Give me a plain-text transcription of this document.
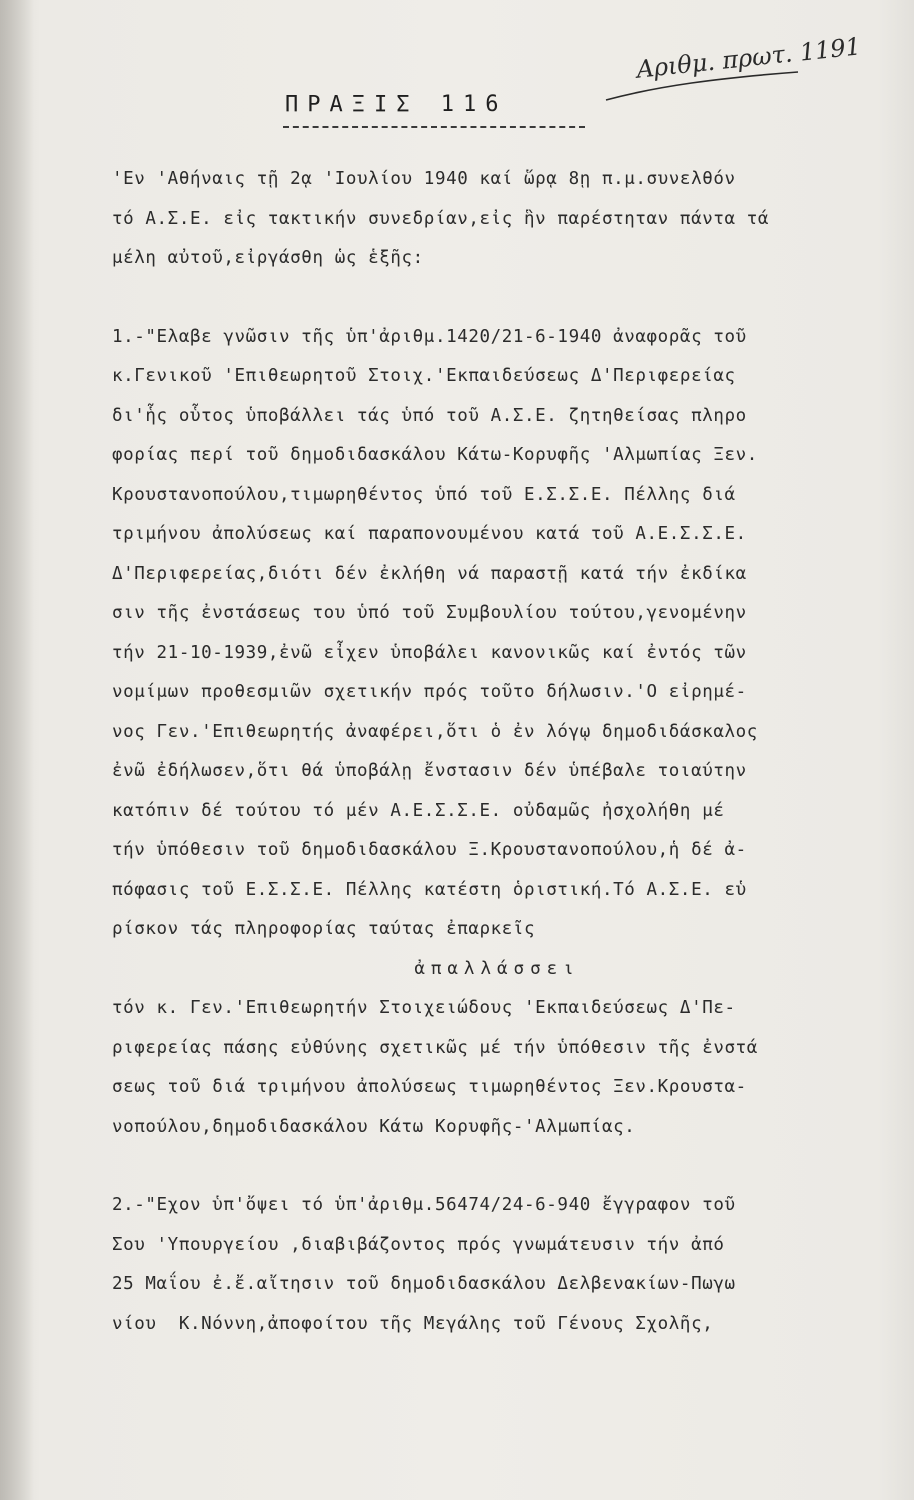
Αριθμ. πρωτ. 1191
ΠΡΑΞΙΣ 116
'Εν 'Αθήναις τῇ 2ᾳ 'Ιουλίου 1940 καί ὥρᾳ 8ῃ π.μ.συνελθόν
τό Α.Σ.Ε. εἰς τακτικήν συνεδρίαν,εἰς ἣν παρέστηταν πάντα τά
μέλη αὐτοῦ,εἰργάσθη ὡς ἑξῆς:
1.-"Ελαβε γνῶσιν τῆς ὑπ'ἀριθμ.1420/21-6-1940 ἀναφορᾶς τοῦ
κ.Γενικοῦ 'Επιθεωρητοῦ Στοιχ.'Εκπαιδεύσεως Δ'Περιφερείας
δι'ἧς οὗτος ὑποβάλλει τάς ὑπό τοῦ Α.Σ.Ε. ζητηθείσας πληρο
φορίας περί τοῦ δημοδιδασκάλου Κάτω-Κορυφῆς 'Αλμωπίας Ξεν.
Κρουστανοπούλου,τιμωρηθέντος ὑπό τοῦ Ε.Σ.Σ.Ε. Πέλλης διά
τριμήνου ἀπολύσεως καί παραπονουμένου κατά τοῦ Α.Ε.Σ.Σ.Ε.
Δ'Περιφερείας,διότι δέν ἐκλήθη νά παραστῇ κατά τήν ἐκδίκα
σιν τῆς ἐνστάσεως του ὑπό τοῦ Συμβουλίου τούτου,γενομένην
τήν 21-10-1939,ἐνῶ εἶχεν ὑποβάλει κανονικῶς καί ἐντός τῶν
νομίμων προθεσμιῶν σχετικήν πρός τοῦτο δήλωσιν.'Ο εἰρημέ-
νος Γεν.'Επιθεωρητής ἀναφέρει,ὅτι ὁ ἐν λόγῳ δημοδιδάσκαλος
ἐνῶ ἐδήλωσεν,ὅτι θά ὑποβάλῃ ἔνστασιν δέν ὑπέβαλε τοιαύτην
κατόπιν δέ τούτου τό μέν Α.Ε.Σ.Σ.Ε. οὐδαμῶς ἠσχολήθη μέ
τήν ὑπόθεσιν τοῦ δημοδιδασκάλου Ξ.Κρουστανοπούλου,ἡ δέ ἀ-
πόφασις τοῦ Ε.Σ.Σ.Ε. Πέλλης κατέστη ὁριστική.Τό Α.Σ.Ε. εὑ
ρίσκον τάς πληροφορίας ταύτας ἐπαρκεῖς
ἀπαλλάσσει
τόν κ. Γεν.'Επιθεωρητήν Στοιχειώδους 'Εκπαιδεύσεως Δ'Πε-
ριφερείας πάσης εὐθύνης σχετικῶς μέ τήν ὑπόθεσιν τῆς ἐνστά
σεως τοῦ διά τριμήνου ἀπολύσεως τιμωρηθέντος Ξεν.Κρουστα-
νοπούλου,δημοδιδασκάλου Κάτω Κορυφῆς-'Αλμωπίας.
2.-"Εχον ὑπ'ὄψει τό ὑπ'ἀριθμ.56474/24-6-940 ἔγγραφον τοῦ
Σου 'Υπουργείου ,διαβιβάζοντος πρός γνωμάτευσιν τήν ἀπό
25 Μαΐου ἐ.ἔ.αἴτησιν τοῦ δημοδιδασκάλου Δελβενακίων-Πωγω
νίου  Κ.Νόννη,ἀποφοίτου τῆς Μεγάλης τοῦ Γένους Σχολῆς,
